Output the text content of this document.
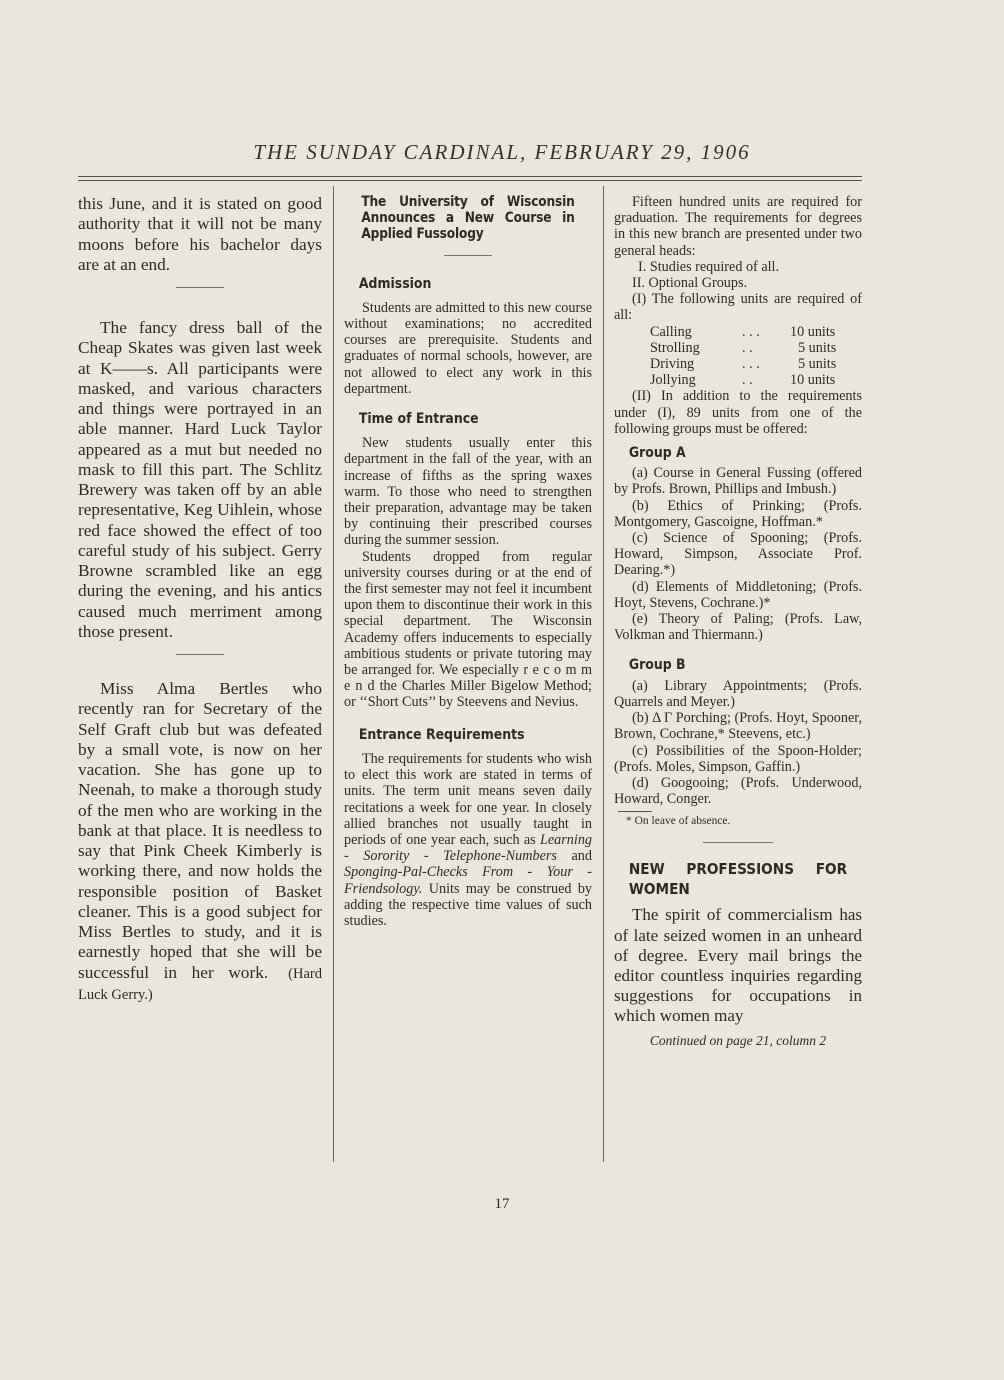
THE SUNDAY CARDINAL, FEBRUARY 29, 1906

this June, and it is stated on good authority that it will not be many moons before his bachelor days are at an end.

The fancy dress ball of the Cheap Skates was given last week at K——s. All participants were masked, and various characters and things were portrayed in an able manner. Hard Luck Taylor appeared as a mut but needed no mask to fill this part. The Schlitz Brewery was taken off by an able representative, Keg Uihlein, whose red face showed the effect of too careful study of his subject. Gerry Browne scrambled like an egg during the evening, and his antics caused much merriment among those present.

Miss Alma Bertles who recently ran for Secretary of the Self Graft club but was defeated by a small vote, is now on her vacation. She has gone up to Neenah, to make a thorough study of the men who are working in the bank at that place. It is needless to say that Pink Cheek Kimberly is working there, and now holds the responsible position of Basket cleaner. This is a good subject for Miss Bertles to study, and it is earnestly hoped that she will be successful in her work. (Hard Luck Gerry.)

The University of Wisconsin Announces a New Course in Applied Fussology

Admission

Students are admitted to this new course without examinations; no accredited courses are prerequisite. Students and graduates of normal schools, however, are not allowed to elect any work in this department.

Time of Entrance

New students usually enter this department in the fall of the year, with an increase of fifths as the spring waxes warm. To those who need to strengthen their preparation, advantage may be taken by continuing their prescribed courses during the summer session.

Students dropped from regular university courses during or at the end of the first semester may not feel it incumbent upon them to discontinue their work in this special department. The Wisconsin Academy offers inducements to especially ambitious students or private tutoring may be arranged for. We especially r e c o m m e n d the Charles Miller Bigelow Method; or ‘‘Short Cuts’’ by Steevens and Nevius.

Entrance Requirements

The requirements for students who wish to elect this work are stated in terms of units. The term unit means seven daily recitations a week for one year. In closely allied branches not usually taught in periods of one year each, such as Learning - Sorority - Telephone-Numbers and Sponging-Pal-Checks From - Your - Friendsology. Units may be construed by adding the respective time values of such studies.

Fifteen hundred units are required for graduation. The requirements for degrees in this new branch are presented under two general heads:

I. Studies required of all.

II. Optional Groups.

(I) The following units are required of all:

Calling	. . .	10 units
Strolling	. .	5 units
Driving	. . .	5 units
Jollying	. .	10 units

(II) In addition to the requirements under (I), 89 units from one of the following groups must be offered:

Group A

(a) Course in General Fussing (offered by Profs. Brown, Phillips and Imbush.)

(b) Ethics of Prinking; (Profs. Montgomery, Gascoigne, Hoffman.*

(c) Science of Spooning; (Profs. Howard, Simpson, Associate Prof. Dearing.*)

(d) Elements of Middletoning; (Profs. Hoyt, Stevens, Cochrane.)*

(e) Theory of Paling; (Profs. Law, Volkman and Thiermann.)

Group B

(a) Library Appointments; (Profs. Quarrels and Meyer.)

(b) Δ Γ Porching; (Profs. Hoyt, Spooner, Brown, Cochrane,* Steevens, etc.)

(c) Possibilities of the Spoon-Holder; (Profs. Moles, Simpson, Gaffin.)

(d) Googooing; (Profs. Underwood, Howard, Conger.

* On leave of absence.

NEW PROFESSIONS FOR WOMEN

The spirit of commercialism has of late seized women in an unheard of degree. Every mail brings the editor countless inquiries regarding suggestions for occupations in which women may

Continued on page 21, column 2
17
